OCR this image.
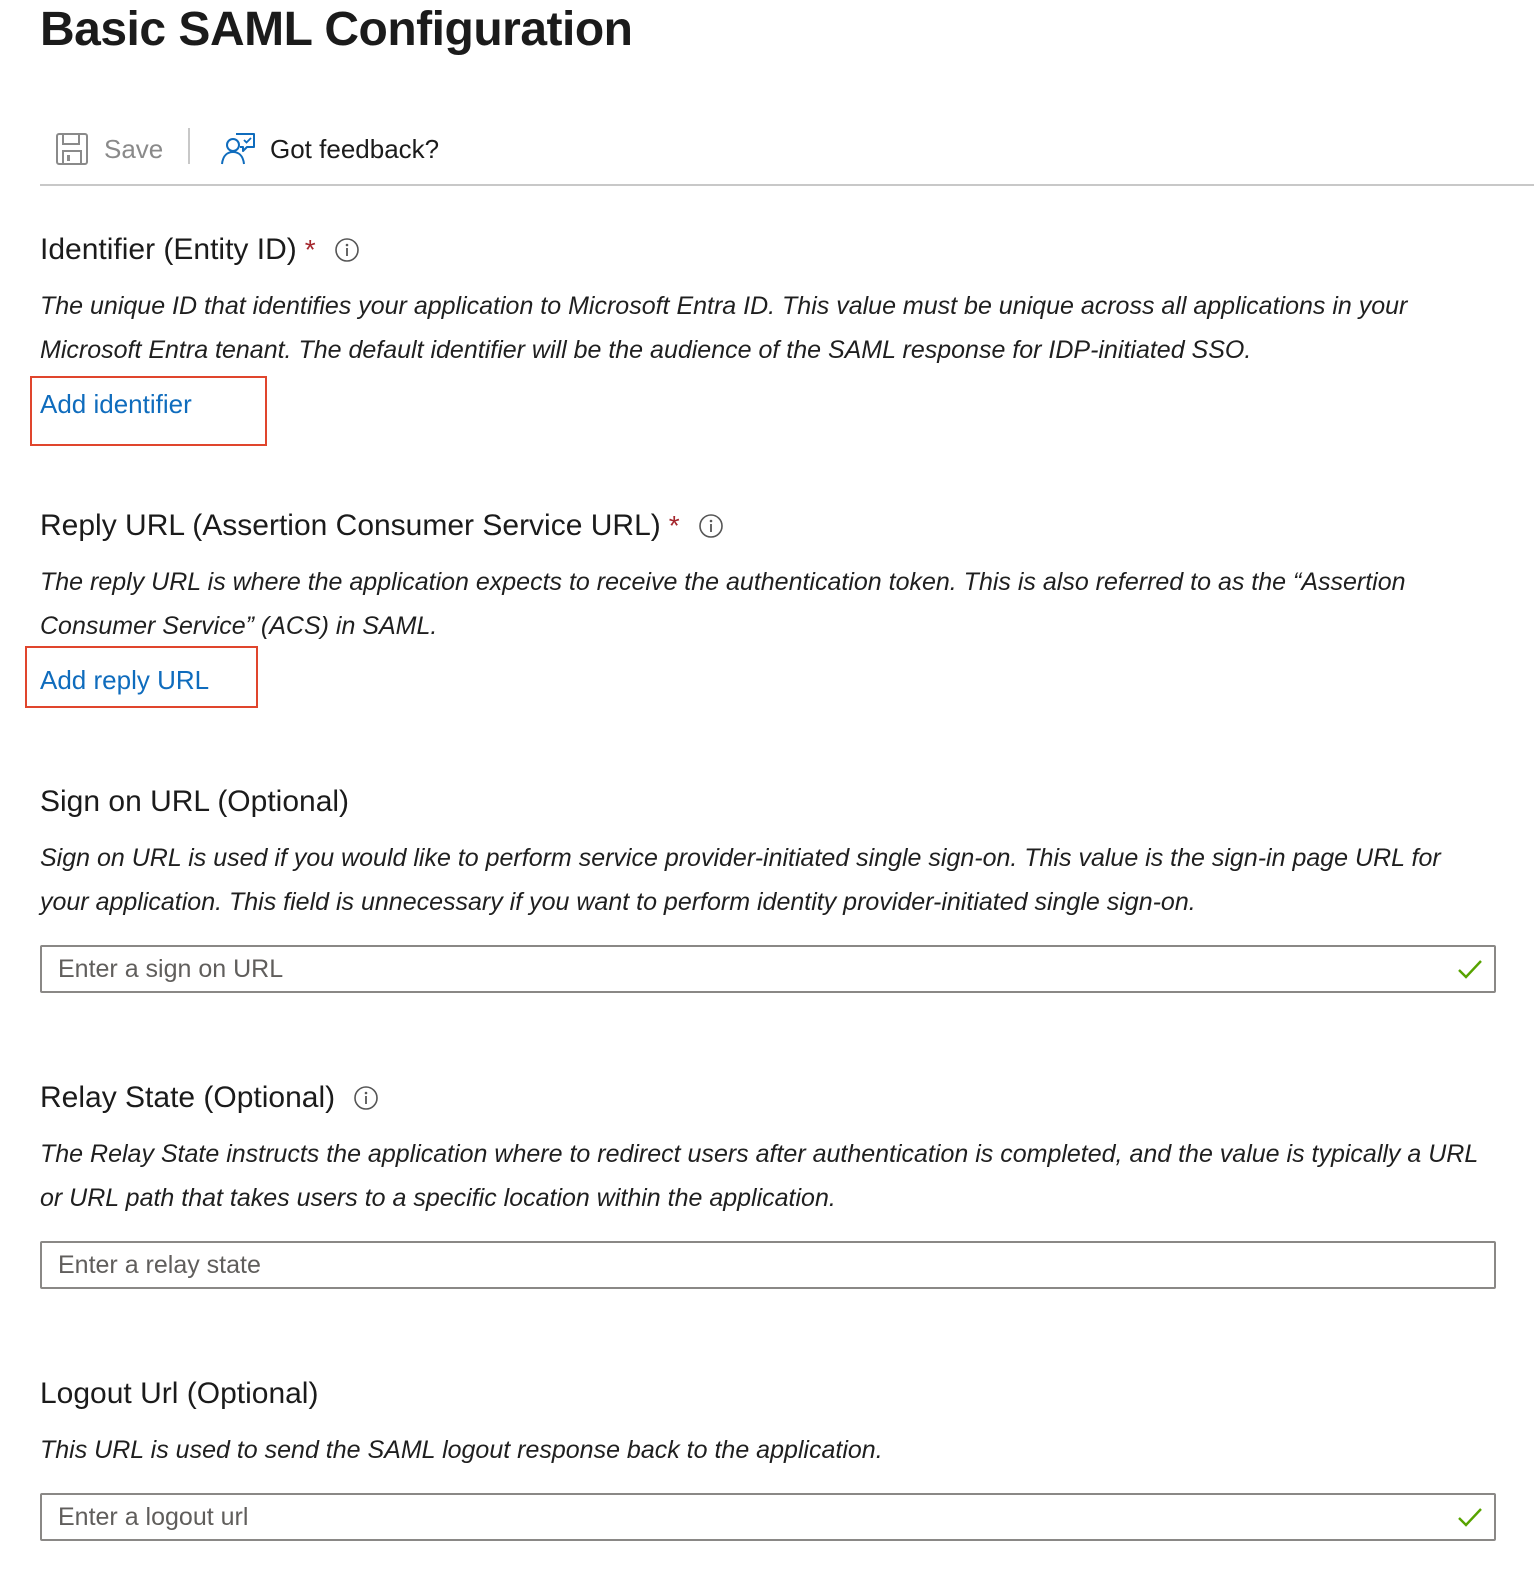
Basic SAML Configuration
Save	Got feedback?
Identifier (Entity ID) *
The unique ID that identifies your application to Microsoft Entra ID. This value must be unique across all applications in your Microsoft Entra tenant. The default identifier will be the audience of the SAML response for IDP-initiated SSO.
Add identifier
Reply URL (Assertion Consumer Service URL) *
The reply URL is where the application expects to receive the authentication token. This is also referred to as the “Assertion Consumer Service” (ACS) in SAML.
Add reply URL
Sign on URL (Optional)
Sign on URL is used if you would like to perform service provider-initiated single sign-on. This value is the sign-in page URL for your application. This field is unnecessary if you want to perform identity provider-initiated single sign-on.
Enter a sign on URL
Relay State (Optional)
The Relay State instructs the application where to redirect users after authentication is completed, and the value is typically a URL or URL path that takes users to a specific location within the application.
Enter a relay state
Logout Url (Optional)
This URL is used to send the SAML logout response back to the application.
Enter a logout url
